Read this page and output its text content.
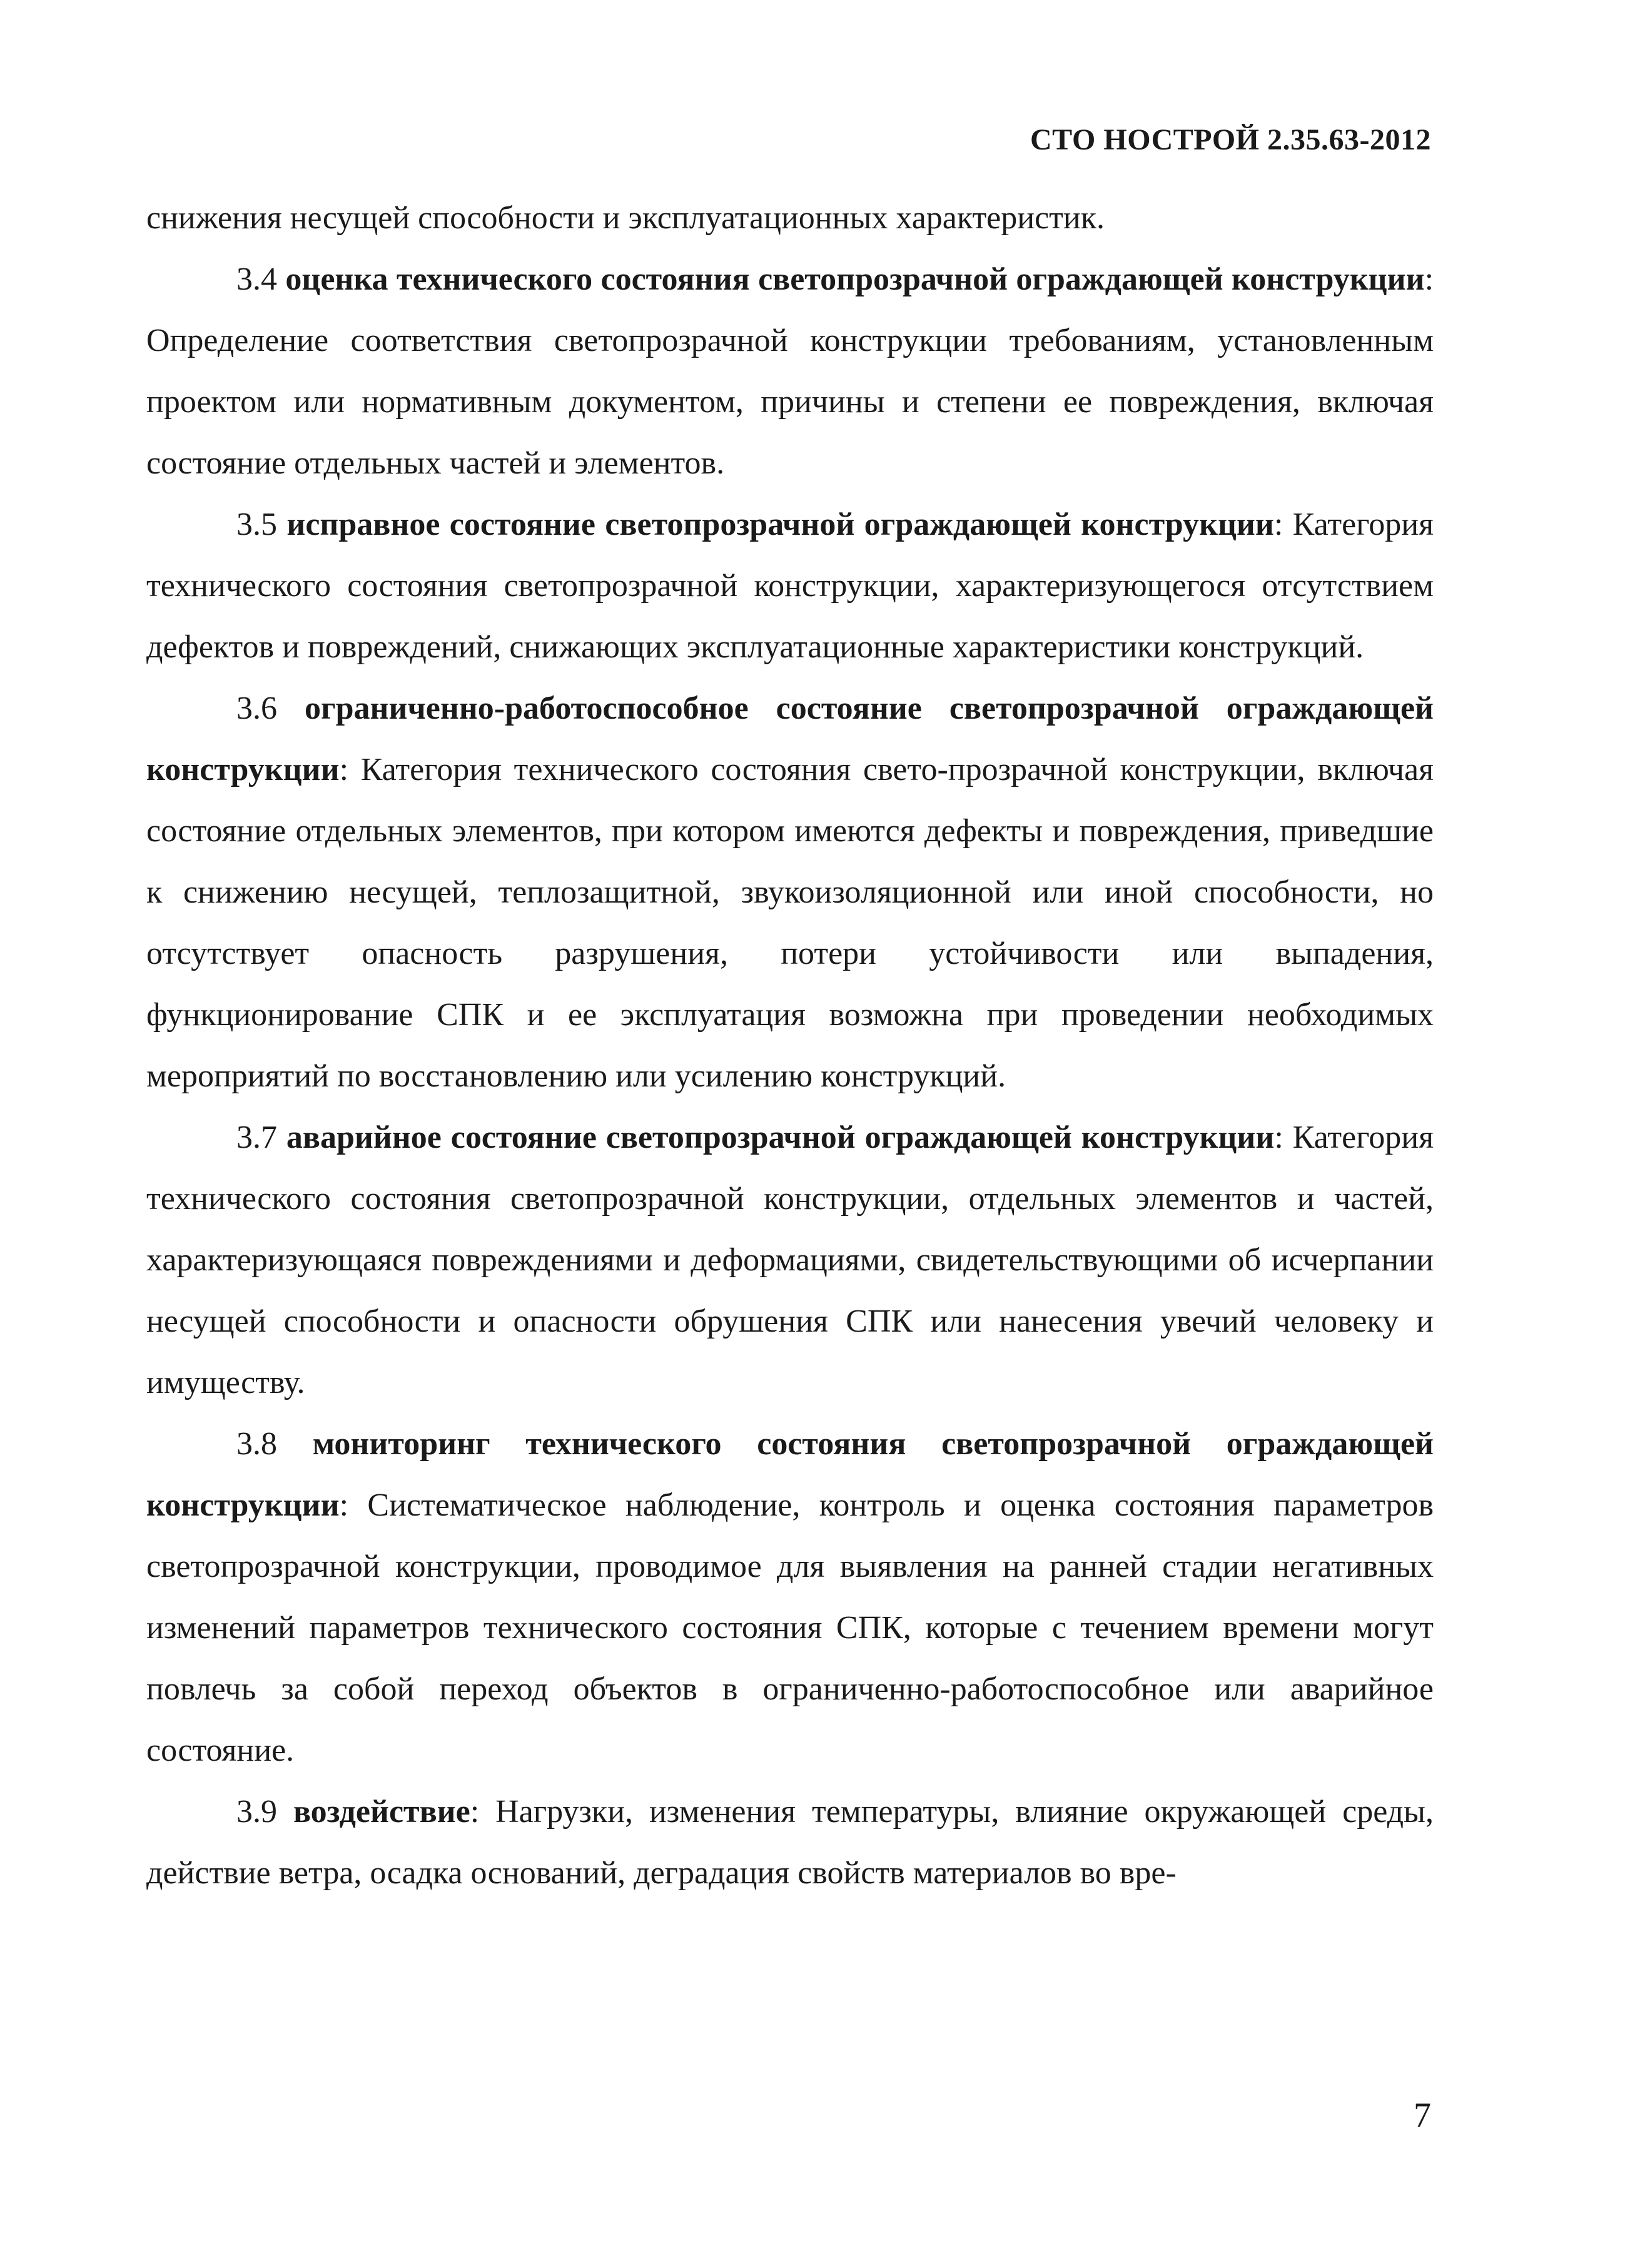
СТО НОСТРОЙ 2.35.63-2012

снижения несущей способности и эксплуатационных характеристик.

3.4 оценка технического состояния светопрозрачной ограждающей конструкции: Определение соответствия светопрозрачной конструкции требованиям, установленным проектом или нормативным документом, причины и степени ее повреждения, включая состояние отдельных частей и элементов.

3.5 исправное состояние светопрозрачной ограждающей конструкции: Категория технического состояния светопрозрачной конструкции, характеризующегося отсутствием дефектов и повреждений, снижающих эксплуатационные характеристики конструкций.

3.6 ограниченно-работоспособное состояние светопрозрачной ограждающей конструкции: Категория технического состояния свето-прозрачной конструкции, включая состояние отдельных элементов, при котором имеются дефекты и повреждения, приведшие к снижению несущей, теплозащитной, звукоизоляционной или иной способности, но отсутствует опасность разрушения, потери устойчивости или выпадения, функционирование СПК и ее эксплуатация возможна при проведении необходимых мероприятий по восстановлению или усилению конструкций.

3.7 аварийное состояние светопрозрачной ограждающей конструкции: Категория технического состояния светопрозрачной конструкции, отдельных элементов и частей, характеризующаяся повреждениями и деформациями, свидетельствующими об исчерпании несущей способности и опасности обрушения СПК или нанесения увечий человеку и имуществу.

3.8 мониторинг технического состояния светопрозрачной ограждающей конструкции: Систематическое наблюдение, контроль и оценка состояния параметров светопрозрачной конструкции, проводимое для выявления на ранней стадии негативных изменений параметров технического состояния СПК, которые с течением времени могут повлечь за собой переход объектов в ограниченно-работоспособное или аварийное состояние.

3.9 воздействие: Нагрузки, изменения температуры, влияние окружающей среды, действие ветра, осадка оснований, деградация свойств материалов во вре-

7
